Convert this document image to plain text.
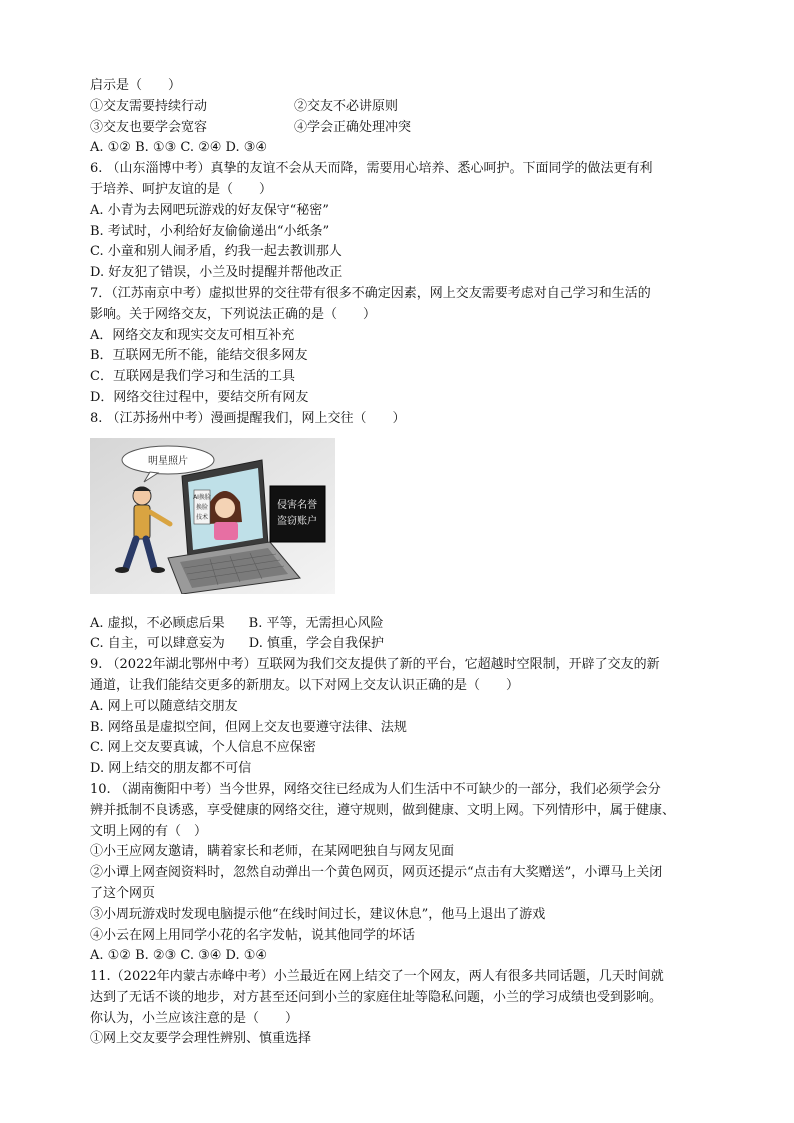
启示是（　　）
①交友需要持续行动	②交友不必讲原则
③交友也要学会宽容	④学会正确处理冲突
A. ①② B. ①③ C. ②④ D. ③④
6. （山东淄博中考）真挚的友谊不会从天而降，需要用心培养、悉心呵护。下面同学的做法更有利
于培养、呵护友谊的是（　　）
A. 小青为去网吧玩游戏的好友保守“秘密”
B. 考试时，小利给好友偷偷递出“小纸条”
C. 小童和别人闹矛盾，约我一起去教训那人
D. 好友犯了错误，小兰及时提醒并帮他改正
7．（江苏南京中考）虚拟世界的交往带有很多不确定因素，网上交友需要考虑对自己学习和生活的
影响。关于网络交友，下列说法正确的是（　　）
A．网络交友和现实交友可相互补充
B．互联网无所不能，能结交很多网友
C．互联网是我们学习和生活的工具
D．网络交往过程中，要结交所有网友
8. （江苏扬州中考）漫画提醒我们，网上交往（　　）
明星照片
AI换脸
换脸
技术
侵害名誉
盗窃账户
A. 虚拟，不必顾虑后果 B. 平等，无需担心风险
C. 自主，可以肆意妄为 D. 慎重，学会自我保护
9. （2022年湖北鄂州中考）互联网为我们交友提供了新的平台，它超越时空限制，开辟了交友的新
通道，让我们能结交更多的新朋友。以下对网上交友认识正确的是（　　）
A. 网上可以随意结交朋友
B. 网络虽是虚拟空间，但网上交友也要遵守法律、法规
C. 网上交友要真诚，个人信息不应保密
D. 网上结交的朋友都不可信
10. （湖南衡阳中考）当今世界，网络交往已经成为人们生活中不可缺少的一部分，我们必须学会分
辨并抵制不良诱惑，享受健康的网络交往，遵守规则，做到健康、文明上网。下列情形中，属于健康、
文明上网的有（　）
①小王应网友邀请，瞒着家长和老师，在某网吧独自与网友见面
②小谭上网查阅资料时，忽然自动弹出一个黄色网页，网页还提示“点击有大奖赠送”，小谭马上关闭
了这个网页
③小周玩游戏时发现电脑提示他“在线时间过长，建议休息”，他马上退出了游戏
④小云在网上用同学小花的名字发帖，说其他同学的坏话
A. ①② B. ②③ C. ③④ D. ①④
11.（2022年内蒙古赤峰中考）小兰最近在网上结交了一个网友，两人有很多共同话题，几天时间就
达到了无话不谈的地步，对方甚至还问到小兰的家庭住址等隐私问题，小兰的学习成绩也受到影响。
你认为，小兰应该注意的是（　　）
①网上交友要学会理性辨别、慎重选择
